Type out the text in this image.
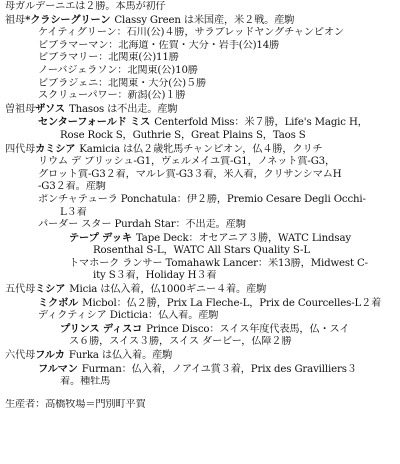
母ガルデーニエは２勝。本馬が初仔
祖母*クラシーグリーン Classy Green は米国産，米２戦。産駒
ケイティグリーン：石川(公)４勝，サラブレッドヤングチャンピオン
ビブラマーマン：北海道・佐賀・大分・岩手(公)14勝
ビブラマリー：北関東(公)11勝
ノーバジェラソン：北関東(公)10勝
ビブラジェニ：北関東・大分(公)５勝
スクリューパワー：新潟(公)１勝
曽祖母ザソス Thasos は不出走。産駒
センターフォールド ミス Centerfold Miss：米７勝，Life's Magic H，
Rose Rock S，Guthrie S，Great Plains S，Taos S
四代母カミシア Kamicia は仏２歳牝馬チャンピオン，仏４勝，クリチ
リウム デ プリッシュ-G1，ヴェルメイユ賞-G1，ノネット賞-G3，
グロット賞-G3２着，マルレ賞-G3３着，米入着，クリサンシマムH
-G3２着。産駒
ポンチャテューラ Ponchatula：伊２勝，Premio Cesare Degli Occhi-
L３着
パーダー スター Purdah Star：不出走。産駒
テープ デッキ Tape Deck：オセアニア３勝，WATC Lindsay
Rosenthal S-L，WATC All Stars Quality S-L
トマホーク ランサー Tomahawk Lancer：米13勝，Midwest C-
ity S３着，Holiday H３着
五代母ミシア Micia は仏入着，仏1000ギニー４着。産駒
ミクボル Micbol：仏２勝，Prix La Fleche-L，Prix de Courcelles-L２着
ディクティシア Dicticia：仏入着。産駒
プリンス ディスコ Prince Disco：スイス年度代表馬，仏・スイ
ス６勝，スイス３勝，スイス ダービー，仏障２勝
六代母フルカ Furka は仏入着。産駒
フルマン Furman：仏入着，ノアイユ賞３着，Prix des Gravilliers３
着。種牡馬
生産者：高橋牧場＝門別町平賀
